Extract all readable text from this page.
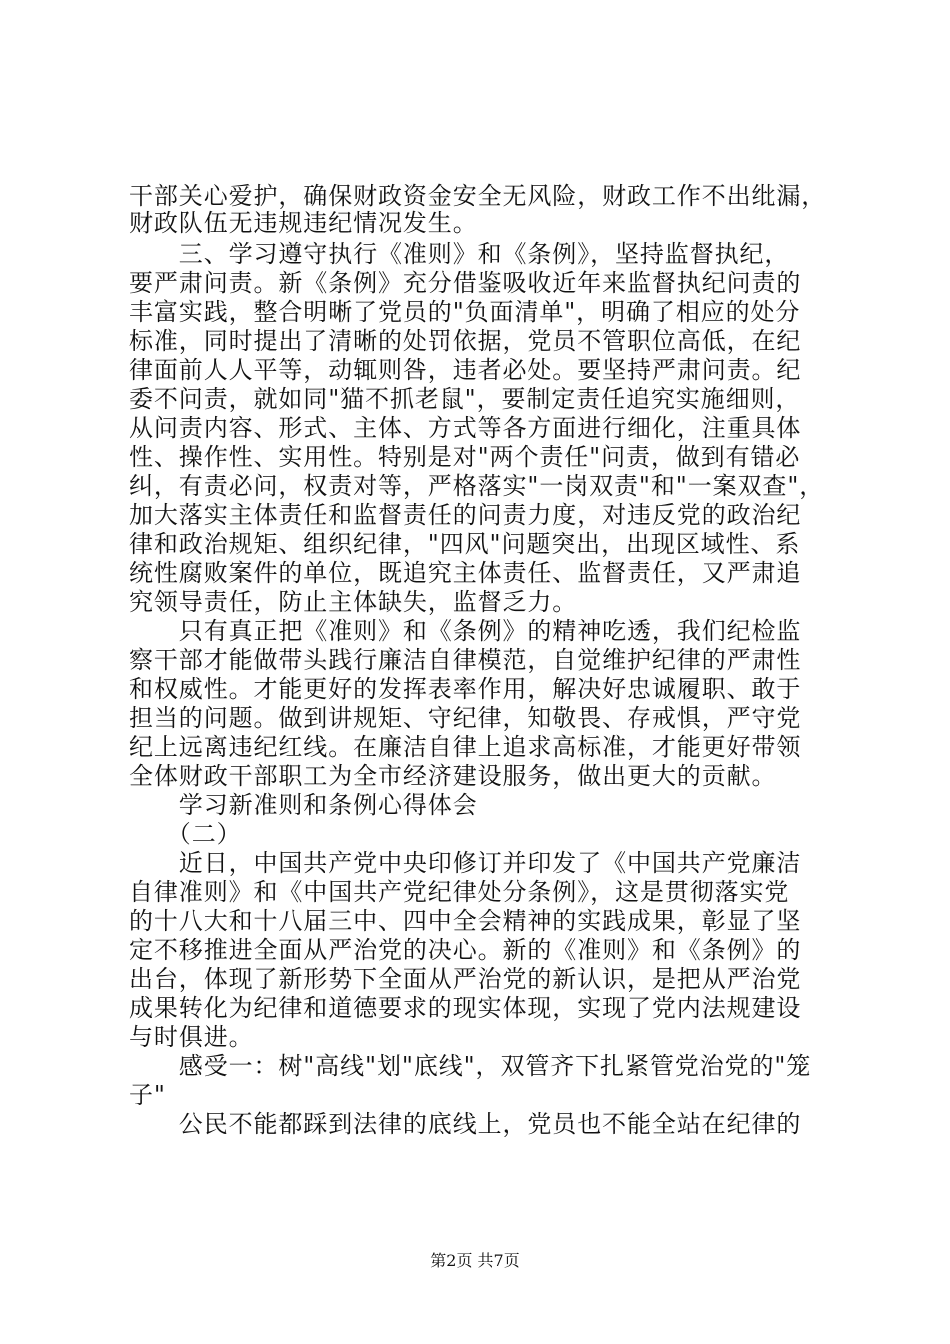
干部关心爱护，确保财政资金安全无风险，财政工作不出纰漏，
财政队伍无违规违纪情况发生。
　　三、学习遵守执行《准则》和《条例》，坚持监督执纪，
要严肃问责。新《条例》充分借鉴吸收近年来监督执纪问责的
丰富实践，整合明晰了党员的"负面清单"，明确了相应的处分
标准，同时提出了清晰的处罚依据，党员不管职位高低，在纪
律面前人人平等，动辄则咎，违者必处。要坚持严肃问责。纪
委不问责，就如同"猫不抓老鼠"，要制定责任追究实施细则，
从问责内容、形式、主体、方式等各方面进行细化，注重具体
性、操作性、实用性。特别是对"两个责任"问责，做到有错必
纠，有责必问，权责对等，严格落实"一岗双责"和"一案双查"，
加大落实主体责任和监督责任的问责力度，对违反党的政治纪
律和政治规矩、组织纪律，"四风"问题突出，出现区域性、系
统性腐败案件的单位，既追究主体责任、监督责任，又严肃追
究领导责任，防止主体缺失，监督乏力。
　　只有真正把《准则》和《条例》的精神吃透，我们纪检监
察干部才能做带头践行廉洁自律模范，自觉维护纪律的严肃性
和权威性。才能更好的发挥表率作用，解决好忠诚履职、敢于
担当的问题。做到讲规矩、守纪律，知敬畏、存戒惧，严守党
纪上远离违纪红线。在廉洁自律上追求高标准，才能更好带领
全体财政干部职工为全市经济建设服务，做出更大的贡献。
　　学习新准则和条例心得体会
　　（二）
　　近日，中国共产党中央印修订并印发了《中国共产党廉洁
自律准则》和《中国共产党纪律处分条例》，这是贯彻落实党
的十八大和十八届三中、四中全会精神的实践成果，彰显了坚
定不移推进全面从严治党的决心。新的《准则》和《条例》的
出台，体现了新形势下全面从严治党的新认识，是把从严治党
成果转化为纪律和道德要求的现实体现，实现了党内法规建设
与时俱进。
　　感受一：树"高线"划"底线"，双管齐下扎紧管党治党的"笼
子"
　　公民不能都踩到法律的底线上，党员也不能全站在纪律的
第2页 共7页
